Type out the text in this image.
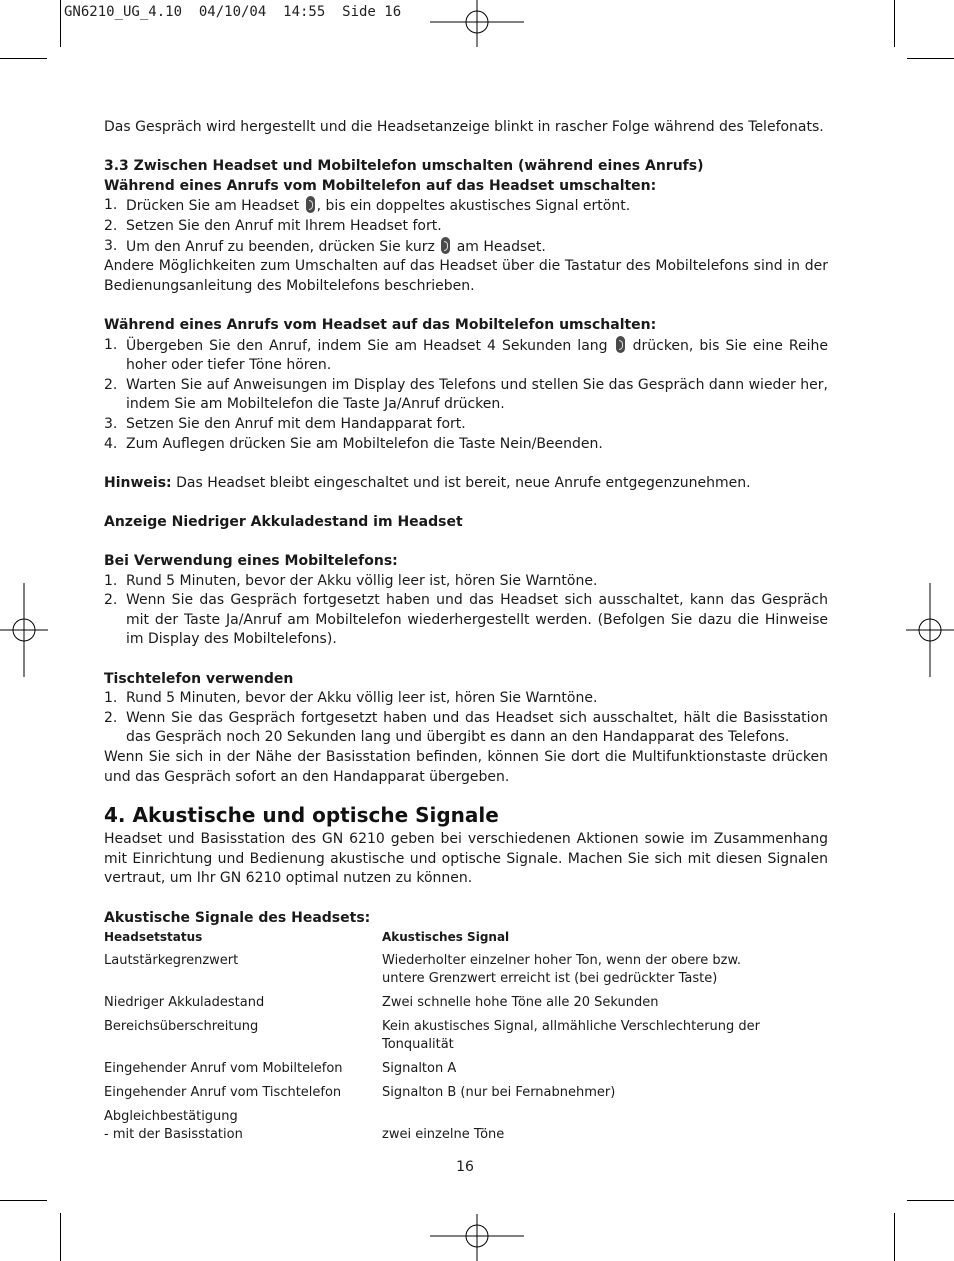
GN6210_UG_4.10  04/10/04  14:55  Side 16

Das Gespräch wird hergestellt und die Headsetanzeige blinkt in rascher Folge während des Telefonats.

3.3 Zwischen Headset und Mobiltelefon umschalten (während eines Anrufs)

Während eines Anrufs vom Mobiltelefon auf das Headset umschalten:

1. Drücken Sie am Headset , bis ein doppeltes akustisches Signal ertönt.
2. Setzen Sie den Anruf mit Ihrem Headset fort.
3. Um den Anruf zu beenden, drücken Sie kurz am Headset.

Andere Möglichkeiten zum Umschalten auf das Headset über die Tastatur des Mobiltelefons sind in der Bedienungsanleitung des Mobiltelefons beschrieben.

Während eines Anrufs vom Headset auf das Mobiltelefon umschalten:

1. Übergeben Sie den Anruf, indem Sie am Headset 4 Sekunden lang drücken, bis Sie eine Reihe hoher oder tiefer Töne hören.
2. Warten Sie auf Anweisungen im Display des Telefons und stellen Sie das Gespräch dann wieder her, indem Sie am Mobiltelefon die Taste Ja/Anruf drücken.
3. Setzen Sie den Anruf mit dem Handapparat fort.
4. Zum Auflegen drücken Sie am Mobiltelefon die Taste Nein/Beenden.

Hinweis: Das Headset bleibt eingeschaltet und ist bereit, neue Anrufe entgegenzunehmen.

Anzeige Niedriger Akkuladestand im Headset

Bei Verwendung eines Mobiltelefons:

1. Rund 5 Minuten, bevor der Akku völlig leer ist, hören Sie Warntöne.
2. Wenn Sie das Gespräch fortgesetzt haben und das Headset sich ausschaltet, kann das Gespräch mit der Taste Ja/Anruf am Mobiltelefon wiederhergestellt werden. (Befolgen Sie dazu die Hinweise im Display des Mobiltelefons).

Tischtelefon verwenden

1. Rund 5 Minuten, bevor der Akku völlig leer ist, hören Sie Warntöne.
2. Wenn Sie das Gespräch fortgesetzt haben und das Headset sich ausschaltet, hält die Basisstation das Gespräch noch 20 Sekunden lang und übergibt es dann an den Handapparat des Telefons.

Wenn Sie sich in der Nähe der Basisstation befinden, können Sie dort die Multifunktionstaste drücken und das Gespräch sofort an den Handapparat übergeben.

4. Akustische und optische Signale

Headset und Basisstation des GN 6210 geben bei verschiedenen Aktionen sowie im Zusammenhang mit Einrichtung und Bedienung akustische und optische Signale. Machen Sie sich mit diesen Signalen vertraut, um Ihr GN 6210 optimal nutzen zu können.

Akustische Signale des Headsets:

Headsetstatus	Akustisches Signal
Lautstärkegrenzwert	Wiederholter einzelner hoher Ton, wenn der obere bzw.
untere Grenzwert erreicht ist (bei gedrückter Taste)

Niedriger Akkuladestand	Zwei schnelle hohe Töne alle 20 Sekunden
Bereichsüberschreitung	Kein akustisches Signal, allmähliche Verschlechterung der Tonqualität
Eingehender Anruf vom Mobiltelefon	Signalton A
Eingehender Anruf vom Tischtelefon	Signalton B (nur bei Fernabnehmer)

Abgleichbestätigung
- mit der Basisstation	zwei einzelne Töne
16
